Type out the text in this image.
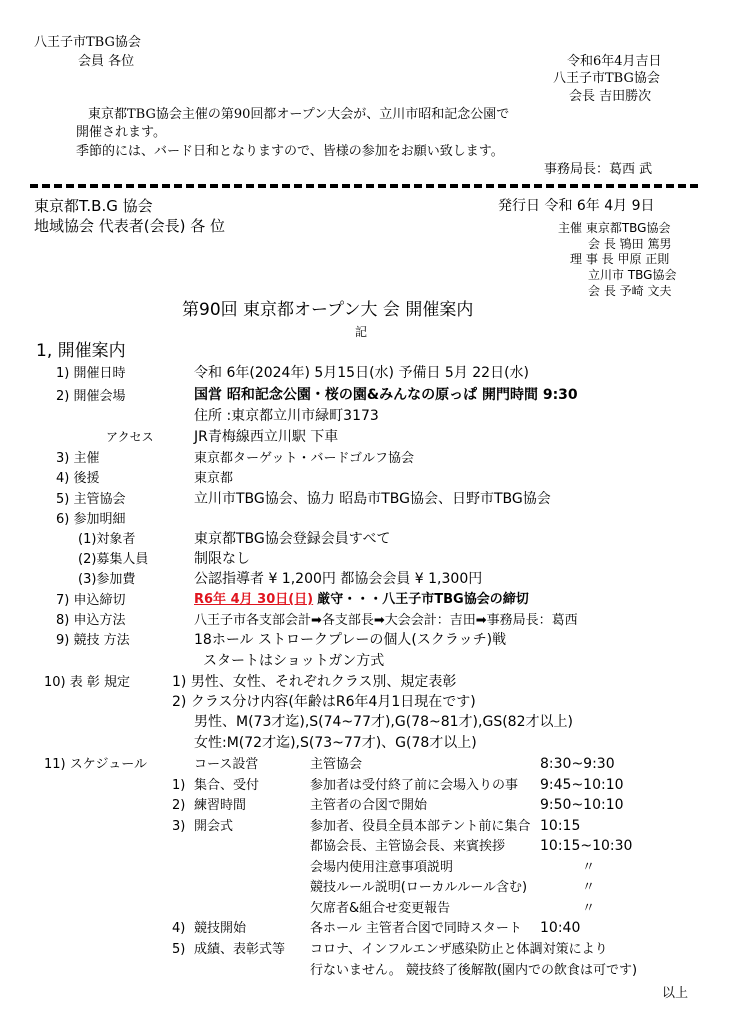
八王子市TBG協会
会員 各位	令和6年4月吉日
八王子市TBG協会
会長 吉田勝次
東京都TBG協会主催の第90回都オープン大会が、立川市昭和記念公園で
開催されます。
季節的には、バード日和となりますので、皆様の参加をお願い致します。
事務局長：葛西 武
東京都T.B.G 協会
地域協会 代表者(会長) 各 位
発行日 令和 6年 4月 9日
主催 東京都TBG協会
会 長 鴇田 篤男
理 事 長 甲原 正則
立川市 TBG協会
会 長 予崎 文夫
第90回 東京都オープン大 会 開催案内
記
1, 開催案内
1) 開催日時	令和 6年(2024年) 5月15日(水) 予備日 5月 22日(水)
2) 開催会場	国営 昭和記念公園・桜の園&みんなの原っぱ 開門時間 9:30
住所 :東京都立川市緑町3173
アクセス	JR青梅線西立川駅 下車
3) 主催	東京都ターゲット・バードゴルフ協会
4) 後援	東京都
5) 主管協会	立川市TBG協会、協力 昭島市TBG協会、日野市TBG協会
6) 参加明細
(1)対象者	東京都TBG協会登録会員すべて
(2)募集人員	制限なし
(3)参加費	公認指導者 ¥ 1,200円 都協会会員 ¥ 1,300円
7) 申込締切	R6年 4月 30日(日) 厳守・・・八王子市TBG協会の締切
8) 申込方法	八王子市各支部会計➡各支部長➡大会会計：吉田➡事務局長：葛西
9) 競技 方法	18ホール ストロークプレーの個人(スクラッチ)戦
スタートはショットガン方式
10) 表 彰 規定	1) 男性、女性、それぞれクラス別、規定表彰
2) クラス分け内容(年齢はR6年4月1日現在です)
男性、M(73才迄),S(74~77才),G(78~81才),GS(82才以上)
女性:M(72才迄),S(73~77才)、G(78才以上)
11) スケジュール	コース設営	主管協会	8:30~9:30
1) 集合、受付	参加者は受付終了前に会場入りの事 9:45~10:10
2) 練習時間	主管者の合図で開始	9:50~10:10
3) 開会式	参加者、役員全員本部テント前に集合 10:15
都協会長、主管協会長、来賓挨拶 10:15~10:30
会場内使用注意事項説明	〃
競技ルール説明(ローカルルール含む)	〃
欠席者&組合せ変更報告	〃
4) 競技開始	各ホール 主管者合図で同時スタート 10:40
5) 成績、表彰式等 コロナ、インフルエンザ感染防止と体調対策により
行ないません。 競技終了後解散(園内での飲食は可です)
以上
